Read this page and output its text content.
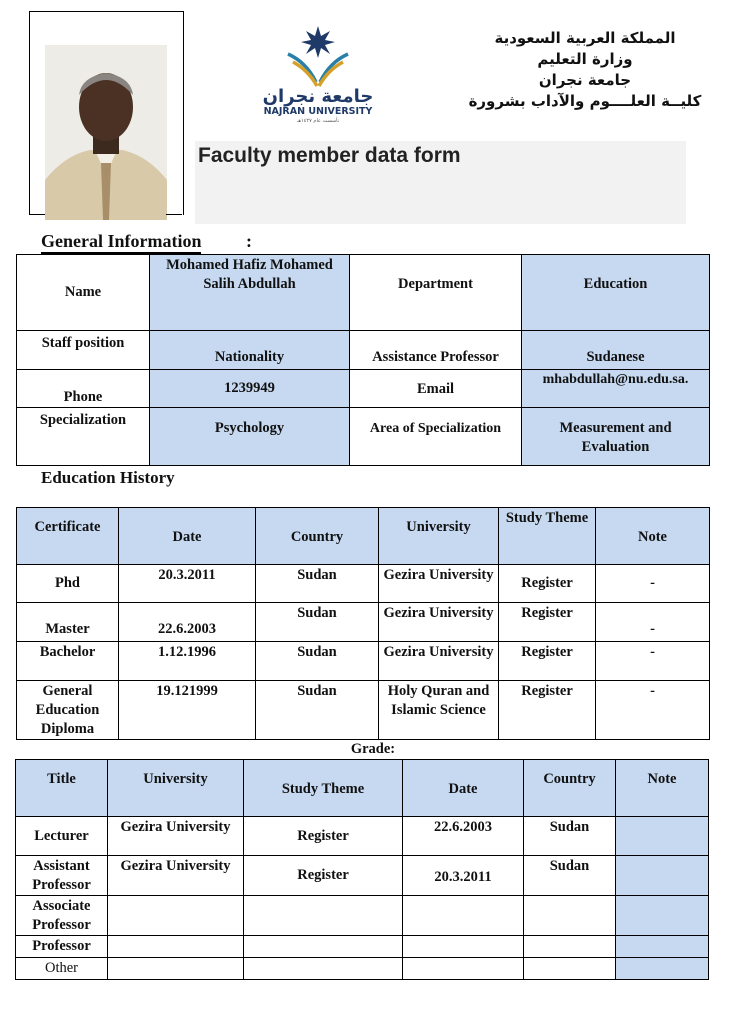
جامعة نجران
NAJRAN UNIVERSITY
تأسست عام ١٤٢٧هـ
المملكة العربية السعودية
وزارة التعليم
جامعة نجران
كليــة العلــــوم والآداب بشرورة
Faculty member data form
General Information :
Name	Mohamed Hafiz Mohamed Salih Abdullah	Department	Education
Staff position	Nationality	Assistance Professor	Sudanese
Phone	1239949	Email	mhabdullah@nu.edu.sa.
Specialization	Psychology	Area of Specialization	Measurement and Evaluation
Education History
Certificate	Date	Country	University	Study Theme	Note
Phd	20.3.2011	Sudan	Gezira University	Register	-
Master	22.6.2003	Sudan	Gezira University	Register	-
Bachelor	1.12.1996	Sudan	Gezira University	Register	-
General Education Diploma	19.121999	Sudan	Holy Quran and Islamic Science	Register	-
Grade:
Title	University	Study Theme	Date	Country	Note
Lecturer	Gezira University	Register	22.6.2003	Sudan	
Assistant Professor	Gezira University	Register	20.3.2011	Sudan	
Associate Professor					
Professor					
Other					
